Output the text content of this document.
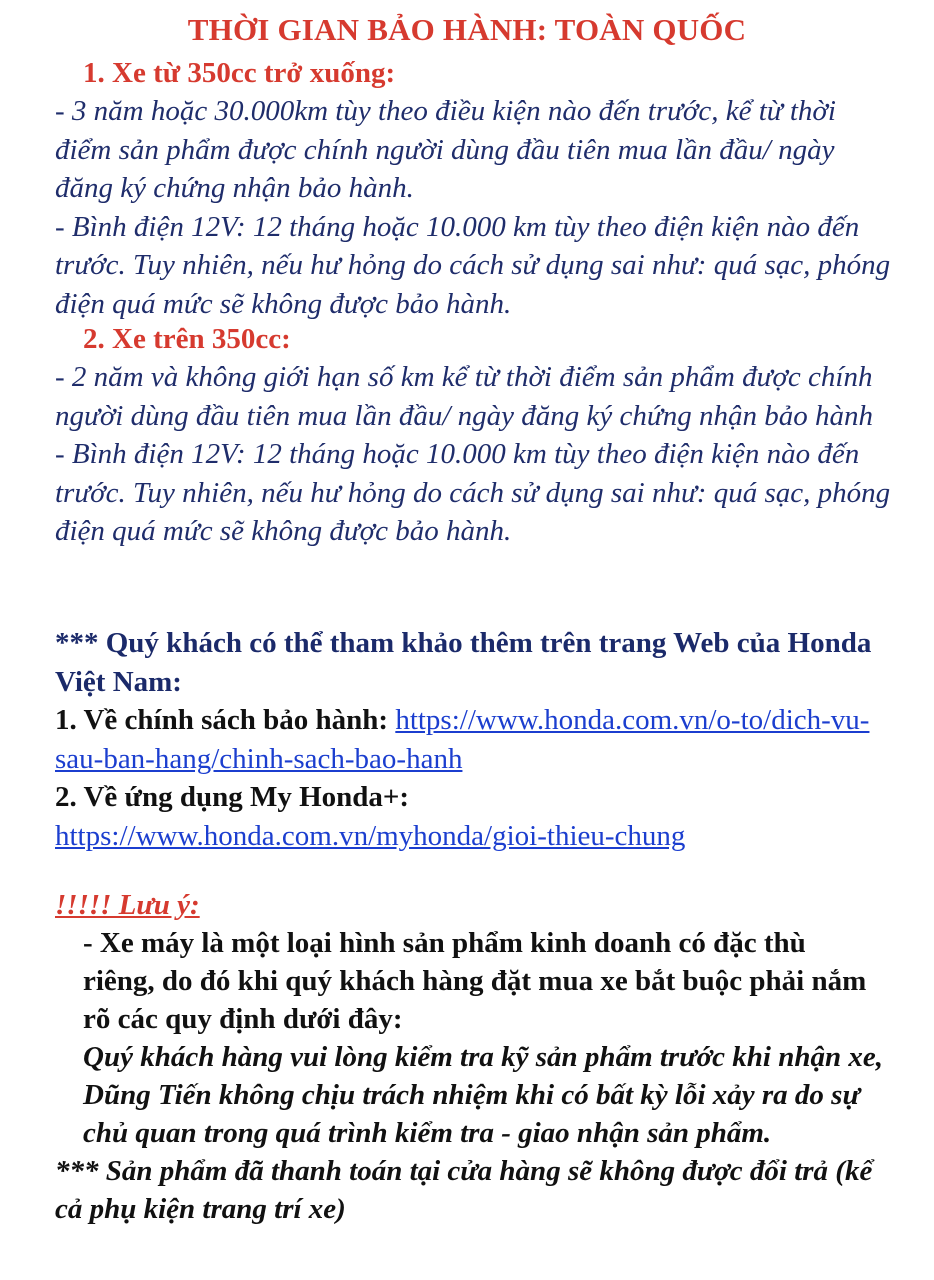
THỜI GIAN BẢO HÀNH: TOÀN QUỐC

1. Xe từ 350cc trở xuống:

- 3 năm hoặc 30.000km tùy theo điều kiện nào đến trước, kể từ thời điểm sản phẩm được chính người dùng đầu tiên mua lần đầu/ ngày đăng ký chứng nhận bảo hành.

- Bình điện 12V: 12 tháng hoặc 10.000 km tùy theo điện kiện nào đến trước. Tuy nhiên, nếu hư hỏng do cách sử dụng sai như: quá sạc, phóng điện quá mức sẽ không được bảo hành.

2. Xe trên 350cc:

- 2 năm và không giới hạn số km kể từ thời điểm sản phẩm được chính người dùng đầu tiên mua lần đầu/ ngày đăng ký chứng nhận bảo hành

- Bình điện 12V: 12 tháng hoặc 10.000 km tùy theo điện kiện nào đến trước. Tuy nhiên, nếu hư hỏng do cách sử dụng sai như: quá sạc, phóng điện quá mức sẽ không được bảo hành.

*** Quý khách có thể tham khảo thêm trên trang Web của Honda Việt Nam:

1. Về chính sách bảo hành: https://www.honda.com.vn/o-to/dich-vu-sau-ban-hang/chinh-sach-bao-hanh

2. Về ứng dụng My Honda+:

https://www.honda.com.vn/myhonda/gioi-thieu-chung

!!!!! Lưu ý:

- Xe máy là một loại hình sản phẩm kinh doanh có đặc thù riêng, do đó khi quý khách hàng đặt mua xe bắt buộc phải nắm rõ các quy định dưới đây:

Quý khách hàng vui lòng kiểm tra kỹ sản phẩm trước khi nhận xe, Dũng Tiến không chịu trách nhiệm khi có bất kỳ lỗi xảy ra do sự chủ quan trong quá trình kiểm tra - giao nhận sản phẩm.

*** Sản phẩm đã thanh toán tại cửa hàng sẽ không được đổi trả (kể cả phụ kiện trang trí xe)
